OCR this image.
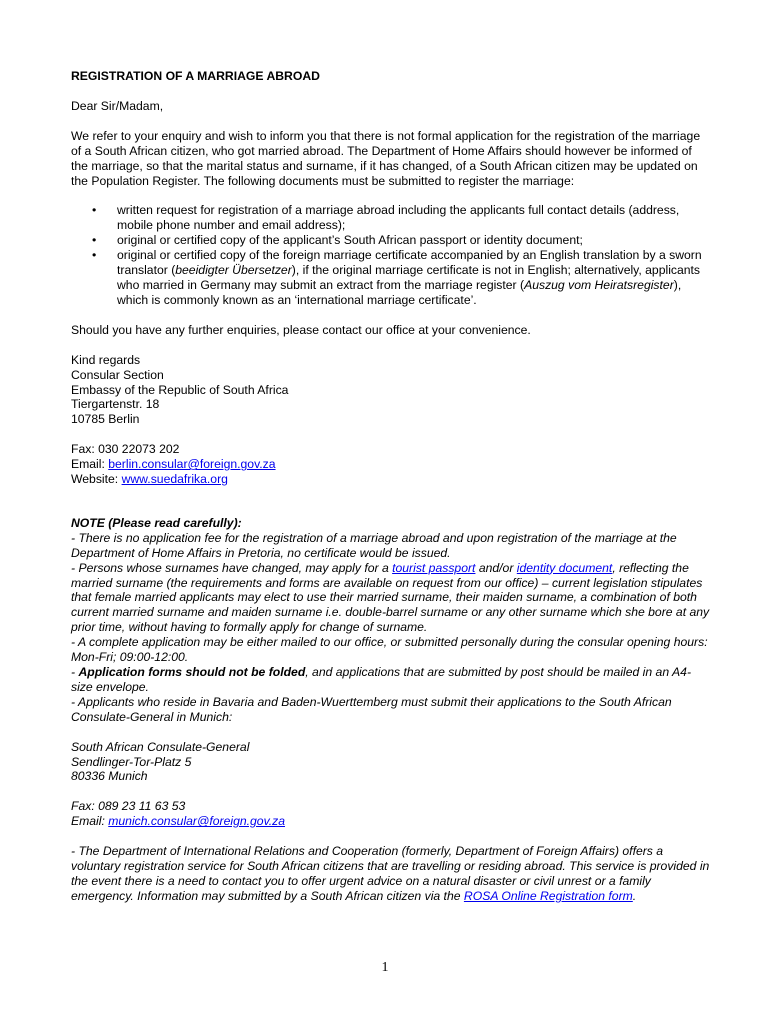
REGISTRATION OF A MARRIAGE ABROAD

Dear Sir/Madam,

We refer to your enquiry and wish to inform you that there is not formal application for the registration of the marriage of a South African citizen, who got married abroad. The Department of Home Affairs should however be informed of the marriage, so that the marital status and surname, if it has changed, of a South African citizen may be updated on the Population Register. The following documents must be submitted to register the marriage:

• written request for registration of a marriage abroad including the applicants full contact details (address, mobile phone number and email address);
• original or certified copy of the applicant’s South African passport or identity document;
• original or certified copy of the foreign marriage certificate accompanied by an English translation by a sworn translator (beeidigter Übersetzer), if the original marriage certificate is not in English; alternatively, applicants who married in Germany may submit an extract from the marriage register (Auszug vom Heiratsregister), which is commonly known as an ‘international marriage certificate’.

Should you have any further enquiries, please contact our office at your convenience.

Kind regards

Consular Section

Embassy of the Republic of South Africa

Tiergartenstr. 18

10785 Berlin

Fax: 030 22073 202

Email: berlin.consular@foreign.gov.za

Website: www.suedafrika.org

NOTE (Please read carefully):

- There is no application fee for the registration of a marriage abroad and upon registration of the marriage at the Department of Home Affairs in Pretoria, no certificate would be issued.

- Persons whose surnames have changed, may apply for a tourist passport and/or identity document, reflecting the married surname (the requirements and forms are available on request from our office) – current legislation stipulates that female married applicants may elect to use their married surname, their maiden surname, a combination of both current married surname and maiden surname i.e. double-barrel surname or any other surname which she bore at any prior time, without having to formally apply for change of surname.

- A complete application may be either mailed to our office, or submitted personally during the consular opening hours: Mon-Fri; 09:00-12:00.

- Application forms should not be folded, and applications that are submitted by post should be mailed in an A4-size envelope.

- Applicants who reside in Bavaria and Baden-Wuerttemberg must submit their applications to the South African Consulate-General in Munich:

South African Consulate-General

Sendlinger-Tor-Platz 5

80336 Munich

Fax: 089 23 11 63 53

Email: munich.consular@foreign.gov.za

- The Department of International Relations and Cooperation (formerly, Department of Foreign Affairs) offers a voluntary registration service for South African citizens that are travelling or residing abroad. This service is provided in the event there is a need to contact you to offer urgent advice on a natural disaster or civil unrest or a family emergency. Information may submitted by a South African citizen via the ROSA Online Registration form.

1
